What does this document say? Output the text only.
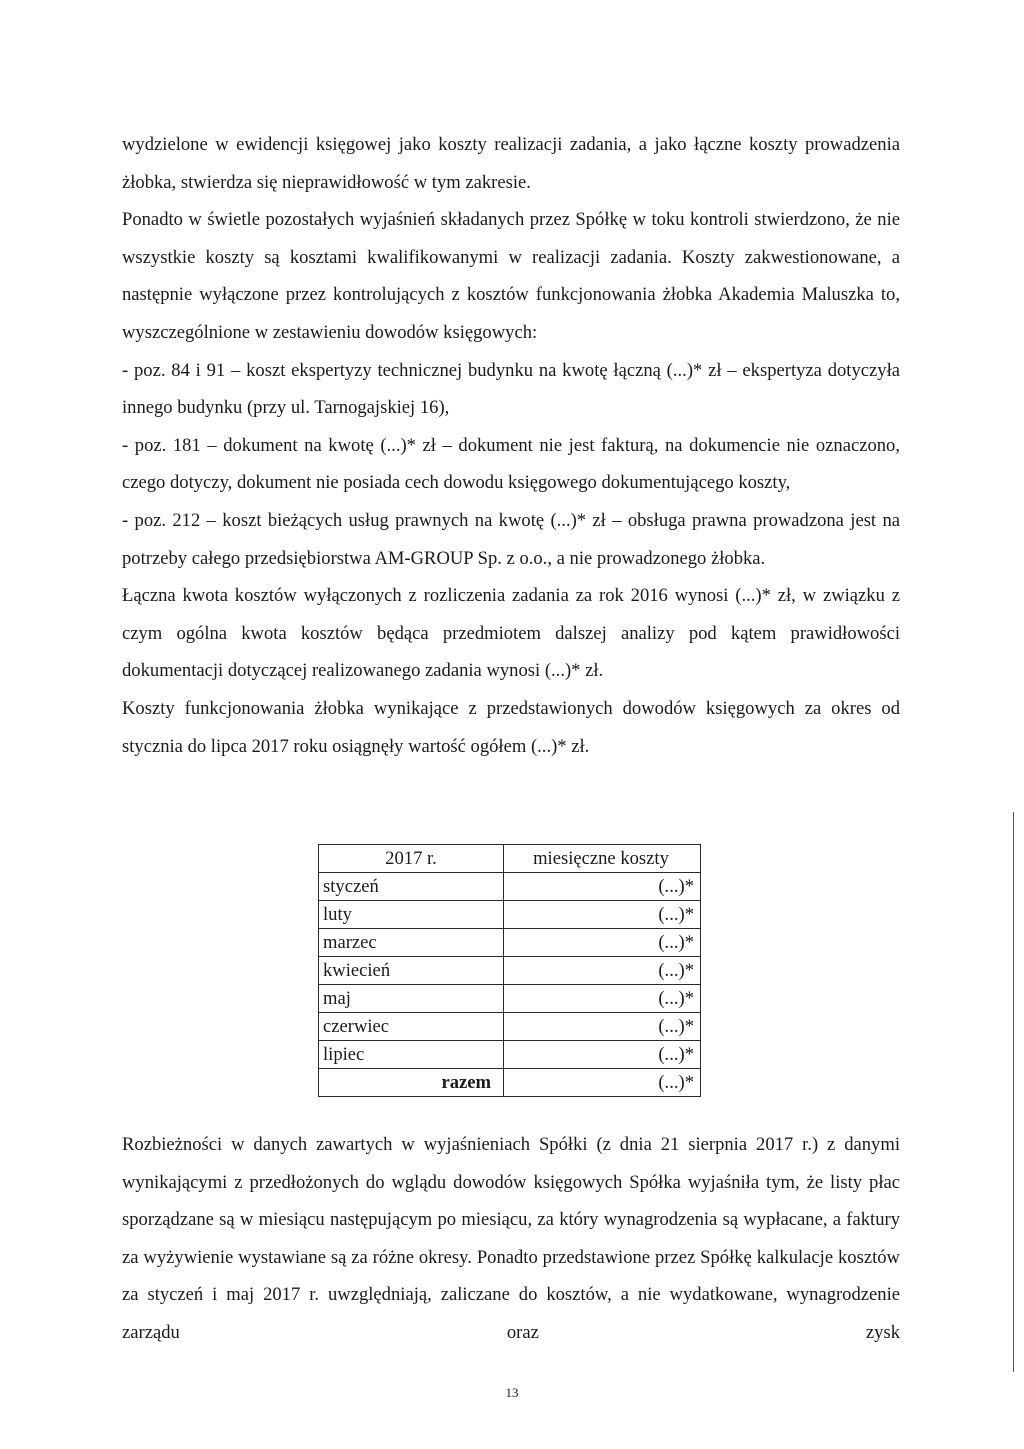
wydzielone w ewidencji księgowej jako koszty realizacji zadania, a jako łączne koszty prowadzenia żłobka, stwierdza się nieprawidłowość w tym zakresie.

Ponadto w świetle pozostałych wyjaśnień składanych przez Spółkę w toku kontroli stwierdzono, że nie wszystkie koszty są kosztami kwalifikowanymi w realizacji zadania. Koszty zakwestionowane, a następnie wyłączone przez kontrolujących z kosztów funkcjonowania żłobka Akademia Maluszka to, wyszczególnione w zestawieniu dowodów księgowych:

- poz. 84 i 91 – koszt ekspertyzy technicznej budynku na kwotę łączną (...)* zł – ekspertyza dotyczyła innego budynku (przy ul. Tarnogajskiej 16),

- poz. 181 – dokument na kwotę (...)* zł – dokument nie jest fakturą, na dokumencie nie oznaczono, czego dotyczy, dokument nie posiada cech dowodu księgowego dokumentującego koszty,

- poz. 212 – koszt bieżących usług prawnych na kwotę (...)* zł – obsługa prawna prowadzona jest na potrzeby całego przedsiębiorstwa AM-GROUP Sp. z o.o., a nie prowadzonego żłobka.

Łączna kwota kosztów wyłączonych z rozliczenia zadania za rok 2016 wynosi (...)* zł, w związku z czym ogólna kwota kosztów będąca przedmiotem dalszej analizy pod kątem prawidłowości dokumentacji dotyczącej realizowanego zadania wynosi (...)* zł.

Koszty funkcjonowania żłobka wynikające z przedstawionych dowodów księgowych za okres od stycznia do lipca 2017 roku osiągnęły wartość ogółem (...)* zł.

2017 r.	miesięczne koszty
styczeń	(...)*
luty	(...)*
marzec	(...)*
kwiecień	(...)*
maj	(...)*
czerwiec	(...)*
lipiec	(...)*
razem	(...)*

Rozbieżności w danych zawartych w wyjaśnieniach Spółki (z dnia 21 sierpnia 2017 r.) z danymi wynikającymi z przedłożonych do wglądu dowodów księgowych Spółka wyjaśniła tym, że listy płac sporządzane są w miesiącu następującym po miesiącu, za który wynagrodzenia są wypłacane, a faktury za wyżywienie wystawiane są za różne okresy. Ponadto przedstawione przez Spółkę kalkulacje kosztów za styczeń i maj 2017 r. uwzględniają, zaliczane do kosztów, a nie wydatkowane, wynagrodzenie zarządu oraz zysk

13
